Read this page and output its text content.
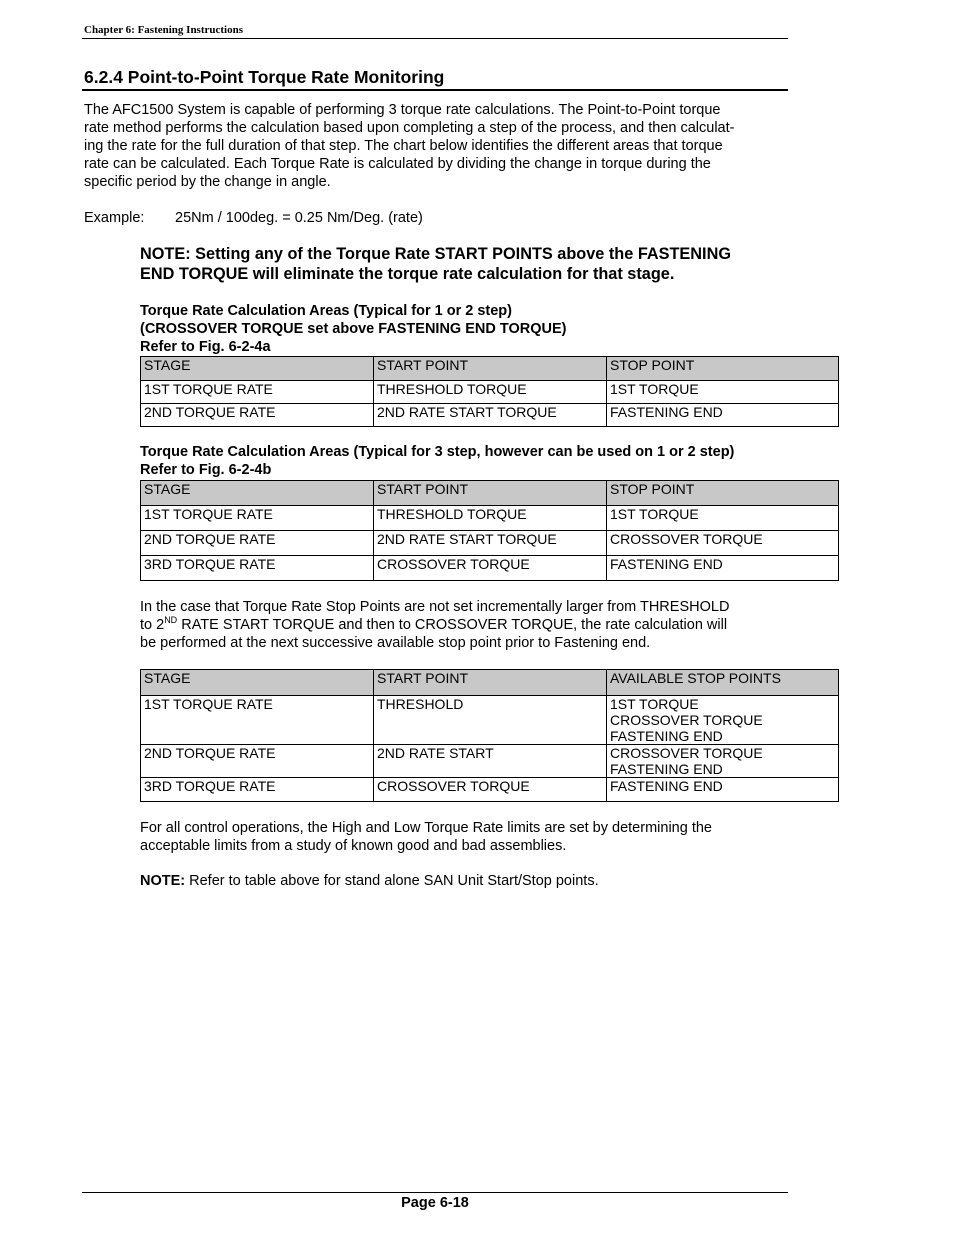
Chapter 6: Fastening Instructions
6.2.4 Point-to-Point Torque Rate Monitoring

The AFC1500 System is capable of performing 3 torque rate calculations. The Point-to-Point torque
rate method performs the calculation based upon completing a step of the process, and then calculat-
ing the rate for the full duration of that step. The chart below identifies the different areas that torque
rate can be calculated. Each Torque Rate is calculated by dividing the change in torque during the
specific period by the change in angle.

Example: 25Nm / 100deg. = 0.25 Nm/Deg. (rate)

NOTE: Setting any of the Torque Rate START POINTS above the FASTENING
END TORQUE will eliminate the torque rate calculation for that stage.

Torque Rate Calculation Areas (Typical for 1 or 2 step)
(CROSSOVER TORQUE set above FASTENING END TORQUE)
Refer to Fig. 6-2-4a
STAGE	START POINT	STOP POINT
1ST TORQUE RATE	THRESHOLD TORQUE	1ST TORQUE
2ND TORQUE RATE	2ND RATE START TORQUE	FASTENING END
Torque Rate Calculation Areas (Typical for 3 step, however can be used on 1 or 2 step)
Refer to Fig. 6-2-4b
STAGE	START POINT	STOP POINT
1ST TORQUE RATE	THRESHOLD TORQUE	1ST TORQUE
2ND TORQUE RATE	2ND RATE START TORQUE	CROSSOVER TORQUE
3RD TORQUE RATE	CROSSOVER TORQUE	FASTENING END

In the case that Torque Rate Stop Points are not set incrementally larger from THRESHOLD
to 2ND RATE START TORQUE and then to CROSSOVER TORQUE, the rate calculation will
be performed at the next successive available stop point prior to Fastening end.

STAGE	START POINT	AVAILABLE STOP POINTS
1ST TORQUE RATE	THRESHOLD	1ST TORQUE
CROSSOVER TORQUE
FASTENING END
2ND TORQUE RATE	2ND RATE START	CROSSOVER TORQUE
FASTENING END
3RD TORQUE RATE	CROSSOVER TORQUE	FASTENING END

For all control operations, the High and Low Torque Rate limits are set by determining the
acceptable limits from a study of known good and bad assemblies.

NOTE: Refer to table above for stand alone SAN Unit Start/Stop points.

Page 6-18
